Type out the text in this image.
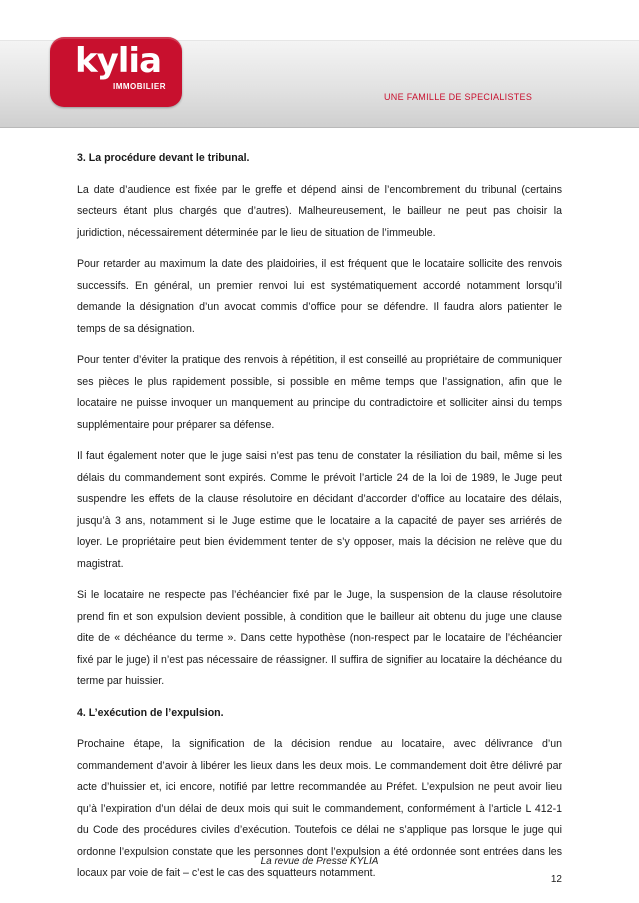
kylia
IMMOBILIER
UNE FAMILLE DE SPECIALISTES
3. La procédure devant le tribunal.

La date d’audience est fixée par le greffe et dépend ainsi de l’encombrement du tribunal (certains secteurs étant plus chargés que d’autres). Malheureusement, le bailleur ne peut pas choisir la juridiction, nécessairement déterminée par le lieu de situation de l’immeuble.

Pour retarder au maximum la date des plaidoiries, il est fréquent que le locataire sollicite des renvois successifs. En général, un premier renvoi lui est systématiquement accordé notamment lorsqu’il demande la désignation d’un avocat commis d’office pour se défendre. Il faudra alors patienter le temps de sa désignation.

Pour tenter d’éviter la pratique des renvois à répétition, il est conseillé au propriétaire de communiquer ses pièces le plus rapidement possible, si possible en même temps que l’assignation, afin que le locataire ne puisse invoquer un manquement au principe du contradictoire et solliciter ainsi du temps supplémentaire pour préparer sa défense.

Il faut également noter que le juge saisi n’est pas tenu de constater la résiliation du bail, même si les délais du commandement sont expirés. Comme le prévoit l’article 24 de la loi de 1989, le Juge peut suspendre les effets de la clause résolutoire en décidant d’accorder d’office au locataire des délais, jusqu’à 3 ans, notamment si le Juge estime que le locataire a la capacité de payer ses arriérés de loyer. Le propriétaire peut bien évidemment tenter de s’y opposer, mais la décision ne relève que du magistrat.

Si le locataire ne respecte pas l’échéancier fixé par le Juge, la suspension de la clause résolutoire prend fin et son expulsion devient possible, à condition que le bailleur ait obtenu du juge une clause dite de « déchéance du terme ». Dans cette hypothèse (non-respect par le locataire de l’échéancier fixé par le juge) il n’est pas nécessaire de réassigner. Il suffira de signifier au locataire la déchéance du terme par huissier.

4. L’exécution de l’expulsion.

Prochaine étape, la signification de la décision rendue au locataire, avec délivrance d’un commandement d’avoir à libérer les lieux dans les deux mois. Le commandement doit être délivré par acte d’huissier et, ici encore, notifié par lettre recommandée au Préfet. L’expulsion ne peut avoir lieu qu’à l’expiration d’un délai de deux mois qui suit le commandement, conformément à l’article L 412-1 du Code des procédures civiles d’exécution. Toutefois ce délai ne s’applique pas lorsque le juge qui ordonne l’expulsion constate que les personnes dont l’expulsion a été ordonnée sont entrées dans les locaux par voie de fait – c’est le cas des squatteurs notamment.

La revue de Presse KYLIA
12
